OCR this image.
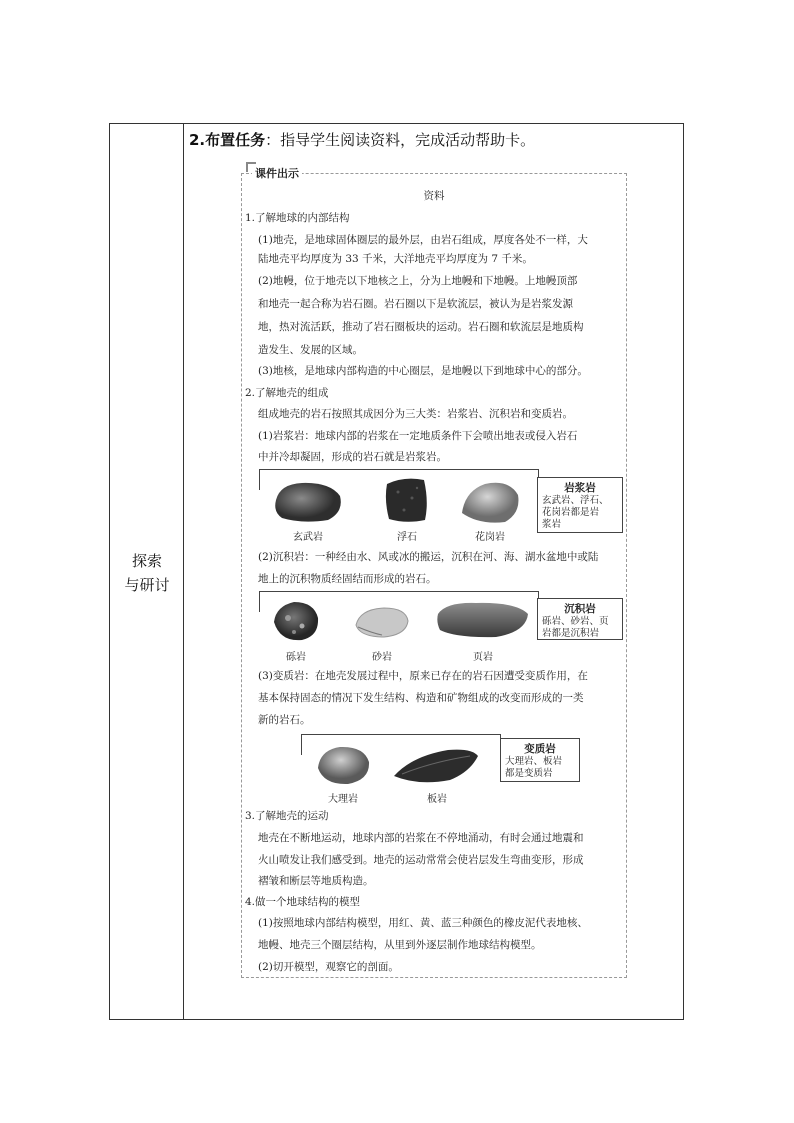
探索
与研讨
2.布置任务：指导学生阅读资料，完成活动帮助卡。
资料
课件出示
1.了解地球的内部结构
(1)地壳，是地球固体圈层的最外层，由岩石组成，厚度各处不一样，大
陆地壳平均厚度为 33 千米，大洋地壳平均厚度为 7 千米。
(2)地幔，位于地壳以下地核之上，分为上地幔和下地幔。上地幔顶部
和地壳一起合称为岩石圈。岩石圈以下是软流层，被认为是岩浆发源
地，热对流活跃，推动了岩石圈板块的运动。岩石圈和软流层是地质构
造发生、发展的区域。
(3)地核，是地球内部构造的中心圈层，是地幔以下到地球中心的部分。
2.了解地壳的组成
组成地壳的岩石按照其成因分为三大类：岩浆岩、沉积岩和变质岩。
(1)岩浆岩：地球内部的岩浆在一定地质条件下会喷出地表或侵入岩石
中并冷却凝固，形成的岩石就是岩浆岩。
(2)沉积岩：一种经由水、风或冰的搬运，沉积在河、海、湖水盆地中或陆
地上的沉积物质经固结而形成的岩石。
(3)变质岩：在地壳发展过程中，原来已存在的岩石因遭受变质作用，在
基本保持固态的情况下发生结构、构造和矿物组成的改变而形成的一类
新的岩石。
3.了解地壳的运动
地壳在不断地运动，地球内部的岩浆在不停地涌动，有时会通过地震和
火山喷发让我们感受到。地壳的运动常常会使岩层发生弯曲变形，形成
褶皱和断层等地质构造。
4.做一个地球结构的模型
(1)按照地球内部结构模型，用红、黄、蓝三种颜色的橡皮泥代表地核、
地幔、地壳三个圈层结构，从里到外逐层制作地球结构模型。
(2)切开模型，观察它的剖面。
玄武岩	浮石	花岗岩
岩浆岩
玄武岩、浮石、
花岗岩都是岩
浆岩
砾岩	砂岩	页岩
沉积岩
砾岩、砂岩、页
岩都是沉积岩
大理岩	板岩
变质岩
大理岩、板岩
都是变质岩
